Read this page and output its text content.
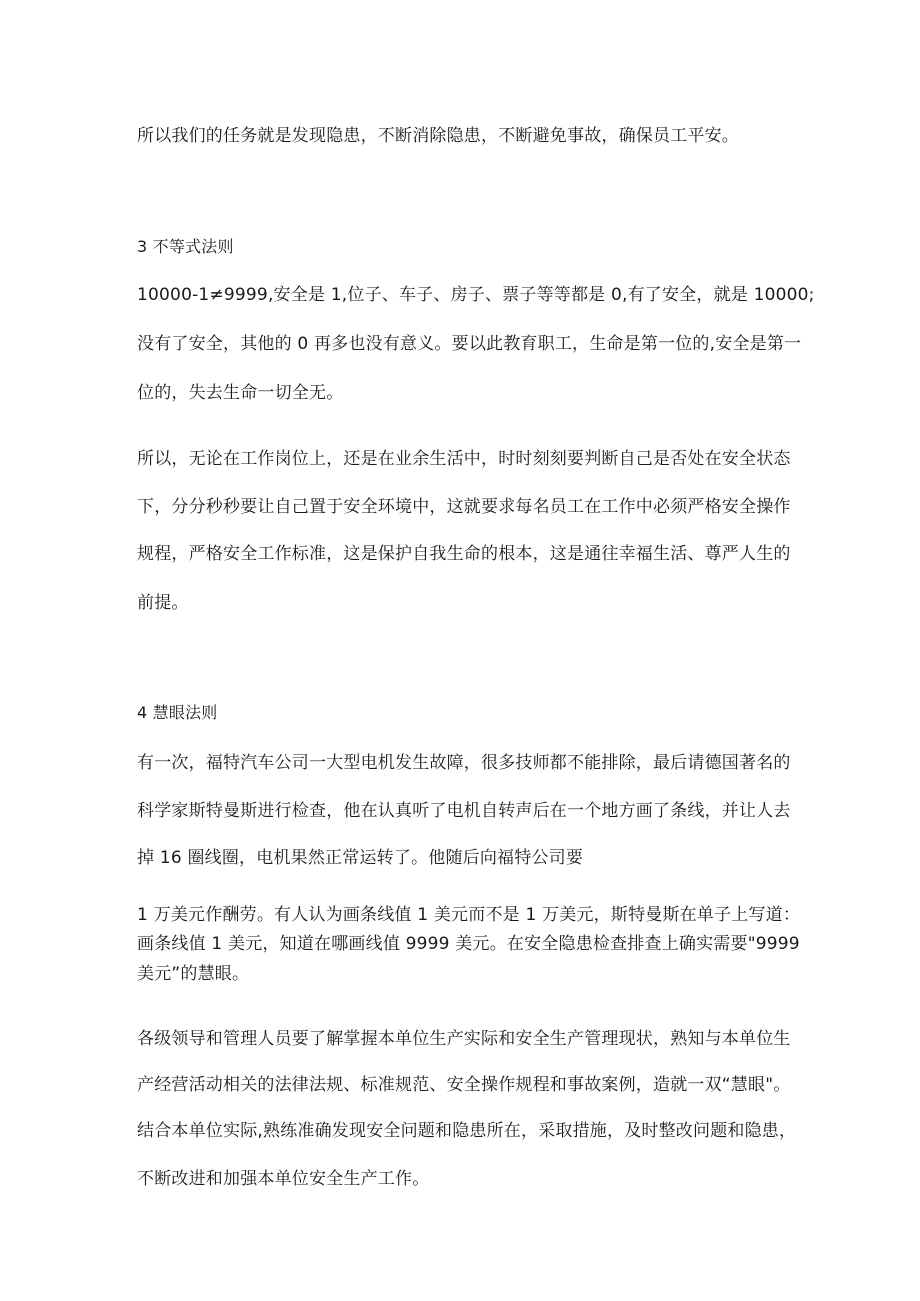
所以我们的任务就是发现隐患，不断消除隐患，不断避免事故，确保员工平安。
3 不等式法则
10000-1≠9999,安全是 1,位子、车子、房子、票子等等都是 0,有了安全，就是 10000;
没有了安全，其他的 0 再多也没有意义。要以此教育职工，生命是第一位的,安全是第一
位的，失去生命一切全无。
所以，无论在工作岗位上，还是在业余生活中，时时刻刻要判断自己是否处在安全状态
下，分分秒秒要让自己置于安全环境中，这就要求每名员工在工作中必须严格安全操作
规程，严格安全工作标准，这是保护自我生命的根本，这是通往幸福生活、尊严人生的
前提。
4 慧眼法则
有一次，福特汽车公司一大型电机发生故障，很多技师都不能排除，最后请德国著名的
科学家斯特曼斯进行检查，他在认真听了电机自转声后在一个地方画了条线，并让人去
掉 16 圈线圈，电机果然正常运转了。他随后向福特公司要
1 万美元作酬劳。有人认为画条线值 1 美元而不是 1 万美元，斯特曼斯在单子上写道：
画条线值 1 美元，知道在哪画线值 9999 美元。在安全隐患检查排查上确实需要"9999
美元”的慧眼。
各级领导和管理人员要了解掌握本单位生产实际和安全生产管理现状，熟知与本单位生
产经营活动相关的法律法规、标准规范、安全操作规程和事故案例，造就一双“慧眼"。
结合本单位实际,熟练准确发现安全问题和隐患所在，采取措施，及时整改问题和隐患，
不断改进和加强本单位安全生产工作。
